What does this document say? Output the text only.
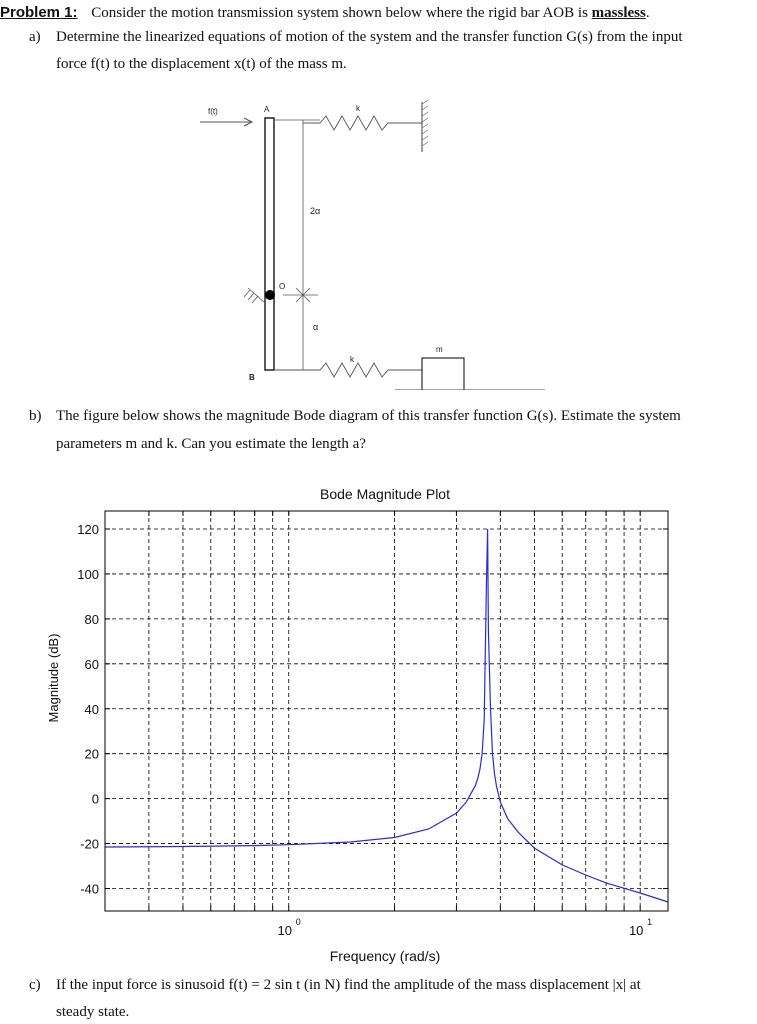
Problem 1: Consider the motion transmission system shown below where the rigid bar AOB is massless.
a) Determine the linearized equations of motion of the system and the transfer function G(s) from the input
force f(t) to the displacement x(t) of the mass m.
f(t)	A
B
O
2α
α
k
k
m
b) The figure below shows the magnitude Bode diagram of this transfer function G(s). Estimate the system
parameters m and k. Can you estimate the length a?
Bode Magnitude Plot
Frequency (rad/s)
Magnitude (dB)
120
100
80
60
40
20
0
-20
-40
10
0
10
1
c) If the input force is sinusoid f(t) = 2 sin t (in N) find the amplitude of the mass displacement |x| at
steady state.
